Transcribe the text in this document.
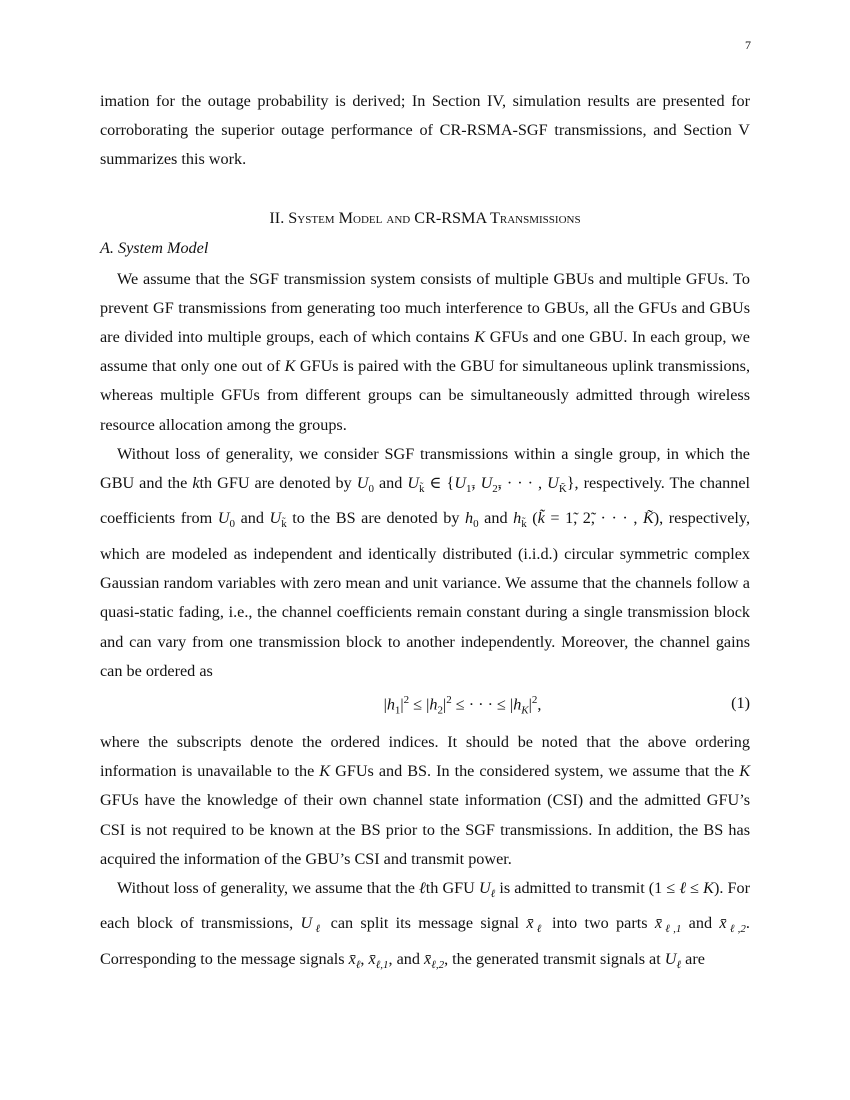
7

imation for the outage probability is derived; In Section IV, simulation results are presented for corroborating the superior outage performance of CR-RSMA-SGF transmissions, and Section V summarizes this work.

II. System Model and CR-RSMA Transmissions
A. System Model

We assume that the SGF transmission system consists of multiple GBUs and multiple GFUs. To prevent GF transmissions from generating too much interference to GBUs, all the GFUs and GBUs are divided into multiple groups, each of which contains K GFUs and one GBU. In each group, we assume that only one out of K GFUs is paired with the GBU for simultaneous uplink transmissions, whereas multiple GFUs from different groups can be simultaneously admitted through wireless resource allocation among the groups.

Without loss of generality, we consider SGF transmissions within a single group, in which the GBU and the kth GFU are denoted by $U_0$ and $U_{k̃}$ ∈ {$U_{1̃}$, $U_{2̃}$, · · · , $U_{K̃}$}, respectively. The channel coefficients from $U_0$ and $U_{k̃}$ to the BS are denoted by $h_0$ and $h_{k̃}$ (k̃ = 1̃, 2̃, · · · , K̃), respectively, which are modeled as independent and identically distributed (i.i.d.) circular symmetric complex Gaussian random variables with zero mean and unit variance. We assume that the channels follow a quasi-static fading, i.e., the channel coefficients remain constant during a single transmission block and can vary from one transmission block to another independently. Moreover, the channel gains can be ordered as

$|h_1|^2 \le |h_2|^2$ ≤ · · · ≤ $|h_K|^2$,	(1)

where the subscripts denote the ordered indices. It should be noted that the above ordering information is unavailable to the K GFUs and BS. In the considered system, we assume that the K GFUs have the knowledge of their own channel state information (CSI) and the admitted GFU’s CSI is not required to be known at the BS prior to the SGF transmissions. In addition, the BS has acquired the information of the GBU’s CSI and transmit power.

Without loss of generality, we assume that the ℓth GFU $U_\ell$ is admitted to transmit (1 ≤ ℓ ≤ K). For each block of transmissions, $U_\ell$ can split its message signal $x̄_\ell$ into two parts $x̄_{\ell,1}$ and $x̄_{\ell,2}$. Corresponding to the message signals $x̄_\ell$, $x̄_{\ell,1}$, and $x̄_{\ell,2}$, the generated transmit signals at $U_\ell$ are
